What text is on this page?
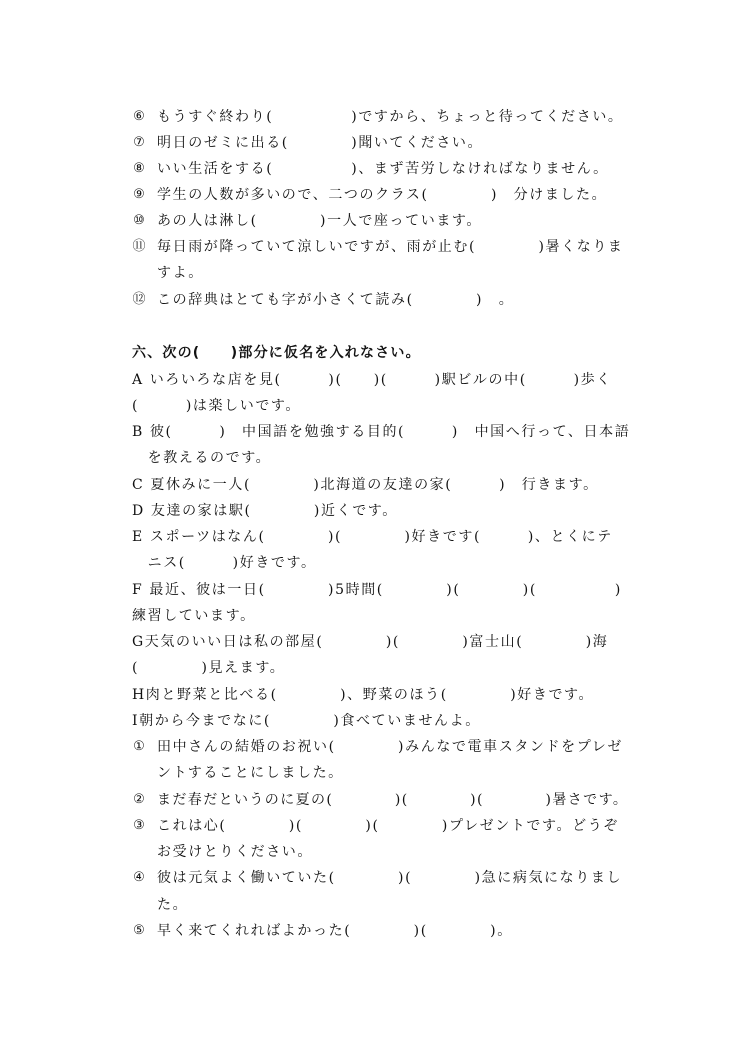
⑥ もうすぐ終わり(　　　　　)ですから、ちょっと待ってください。
⑦ 明日のゼミに出る(　　　　)聞いてください。
⑧ いい生活をする(　　　　　)、まず苦労しなければなりません。
⑨ 学生の人数が多いので、二つのクラス(　　　　)　分けました。
⑩ あの人は淋し(　　　　)一人で座っています。
⑪ 毎日雨が降っていて涼しいですが、雨が止む(　　　　)暑くなりま
すよ。
⑫ この辞典はとても字が小さくて読み(　　　　)　。
六、次の(　　)部分に仮名を入れなさい。
A いろいろな店を見(　　　)(　　)(　　　)駅ビルの中(　　　)歩く
(　　　)は楽しいです。
B 彼(　　　)　中国語を勉強する目的(　　　)　中国へ行って、日本語
　を教えるのです。
C 夏休みに一人(　　　　)北海道の友達の家(　　　)　行きます。
D 友達の家は駅(　　　　)近くです。
E スポーツはなん(　　　　)(　　　　)好きです(　　　)、とくにテ
　ニス(　　　)好きです。
F 最近、彼は一日(　　　　)5時間(　　　　)(　　　　)(　　　　　)
練習しています。
G天気のいい日は私の部屋(　　　　)(　　　　)富士山(　　　　)海
(　　　　)見えます。
H肉と野菜と比べる(　　　　)、野菜のほう(　　　　)好きです。
I朝から今までなに(　　　　)食べていませんよ。
① 田中さんの結婚のお祝い(　　　　)みんなで電車スタンドをプレゼ
ントすることにしました。
② まだ春だというのに夏の(　　　　)(　　　　)(　　　　)暑さです。
③ これは心(　　　　)(　　　　)(　　　　)プレゼントです。どうぞ
お受けとりください。
④ 彼は元気よく働いていた(　　　　)(　　　　)急に病気になりまし
た。
⑤ 早く来てくれればよかった(　　　　)(　　　　)。
